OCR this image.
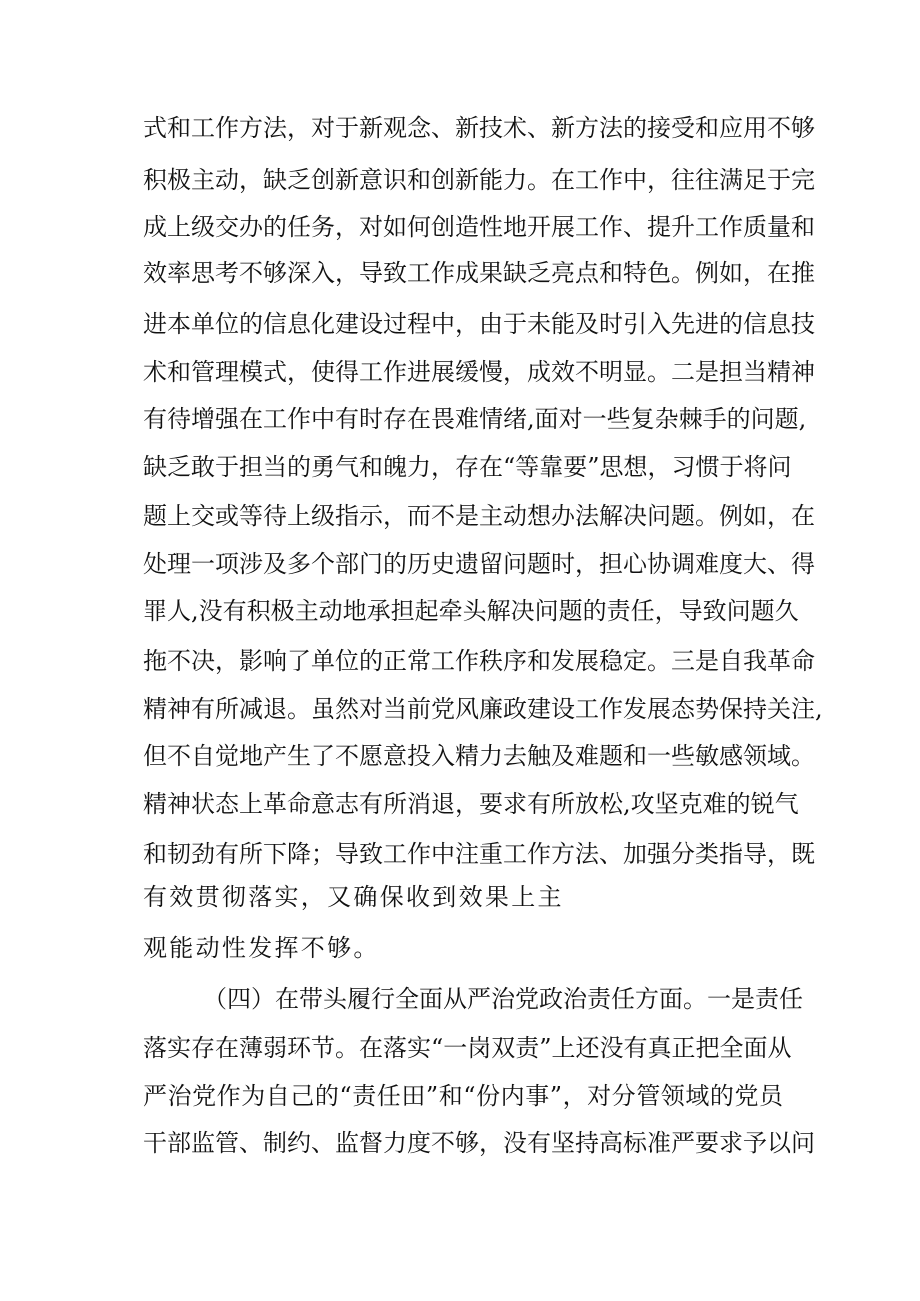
式和工作方法，对于新观念、新技术、新方法的接受和应用不够
积极主动，缺乏创新意识和创新能力。在工作中，往往满足于完
成上级交办的任务，对如何创造性地开展工作、提升工作质量和
效率思考不够深入，导致工作成果缺乏亮点和特色。例如，在推
进本单位的信息化建设过程中，由于未能及时引入先进的信息技
术和管理模式，使得工作进展缓慢，成效不明显。二是担当精神
有待增强在工作中有时存在畏难情绪,面对一些复杂棘手的问题,
缺乏敢于担当的勇气和魄力，存在“等靠要”思想，习惯于将问
题上交或等待上级指示，而不是主动想办法解决问题。例如，在
处理一项涉及多个部门的历史遗留问题时，担心协调难度大、得
罪人,没有积极主动地承担起牵头解决问题的责任，导致问题久
拖不决，影响了单位的正常工作秩序和发展稳定。三是自我革命
精神有所减退。虽然对当前党风廉政建设工作发展态势保持关注,
但不自觉地产生了不愿意投入精力去触及难题和一些敏感领域。
精神状态上革命意志有所消退，要求有所放松,攻坚克难的锐气
和韧劲有所下降；导致工作中注重工作方法、加强分类指导，既
有效贯彻落实，又确保收到效果上主
观能动性发挥不够。
（四）在带头履行全面从严治党政治责任方面。一是责任
落实存在薄弱环节。在落实“一岗双责”上还没有真正把全面从
严治党作为自己的“责任田”和“份内事”，对分管领域的党员
干部监管、制约、监督力度不够，没有坚持高标准严要求予以问
